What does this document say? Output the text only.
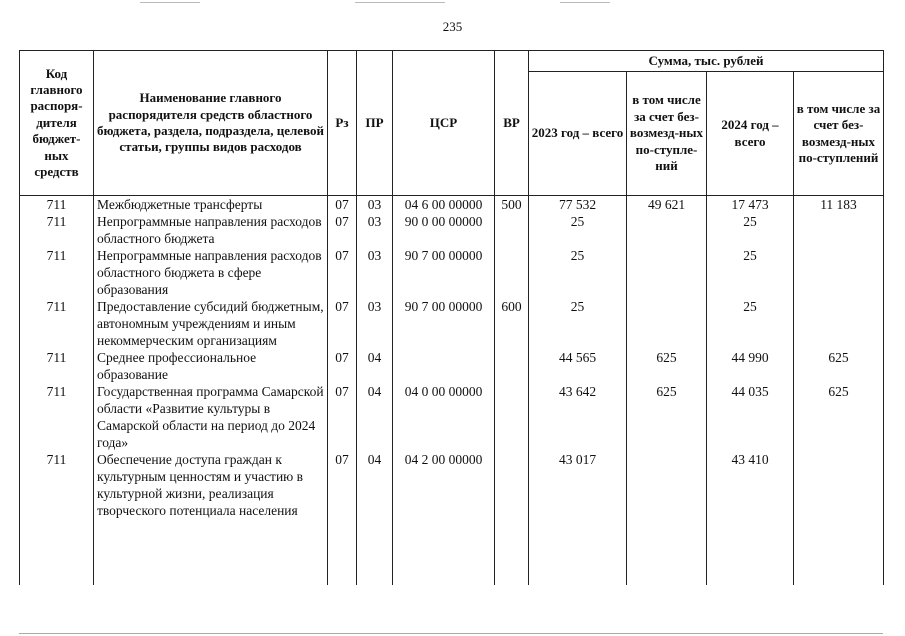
235
Код главного распоря-дителя бюджет-ных средств	Наименование главного распорядителя средств областного бюджета, раздела, подраздела, целевой статьи, группы видов расходов	Рз	ПР	ЦСР	ВР	Сумма, тыс. рублей			
						2023 год – всего	в том числе за счет без-возмезд-ных по-ступле-ний	2024 год – всего	в том числе за счет без-возмезд-ных по-ступлений
711	Межбюджетные трансферты	07	03	04 6 00 00000	500	77 532	49 621	17 473	11 183
711	Непрограммные направления расходов областного бюджета	07	03	90 0 00 00000		25		25	
711	Непрограммные направления расходов областного бюджета в сфере образования	07	03	90 7 00 00000		25		25	
711	Предоставление субсидий бюджетным, автономным учреждениям и иным некоммерческим организациям	07	03	90 7 00 00000	600	25		25	
711	Среднее профессиональное образование	07	04			44 565	625	44 990	625
711	Государственная программа Самарской области «Развитие культуры в Самарской области на период до 2024 года»	07	04	04 0 00 00000		43 642	625	44 035	625
711	Обеспечение доступа граждан к культурным ценностям и участию в культурной жизни, реализация творческого потенциала населения	07	04	04 2 00 00000		43 017		43 410	
